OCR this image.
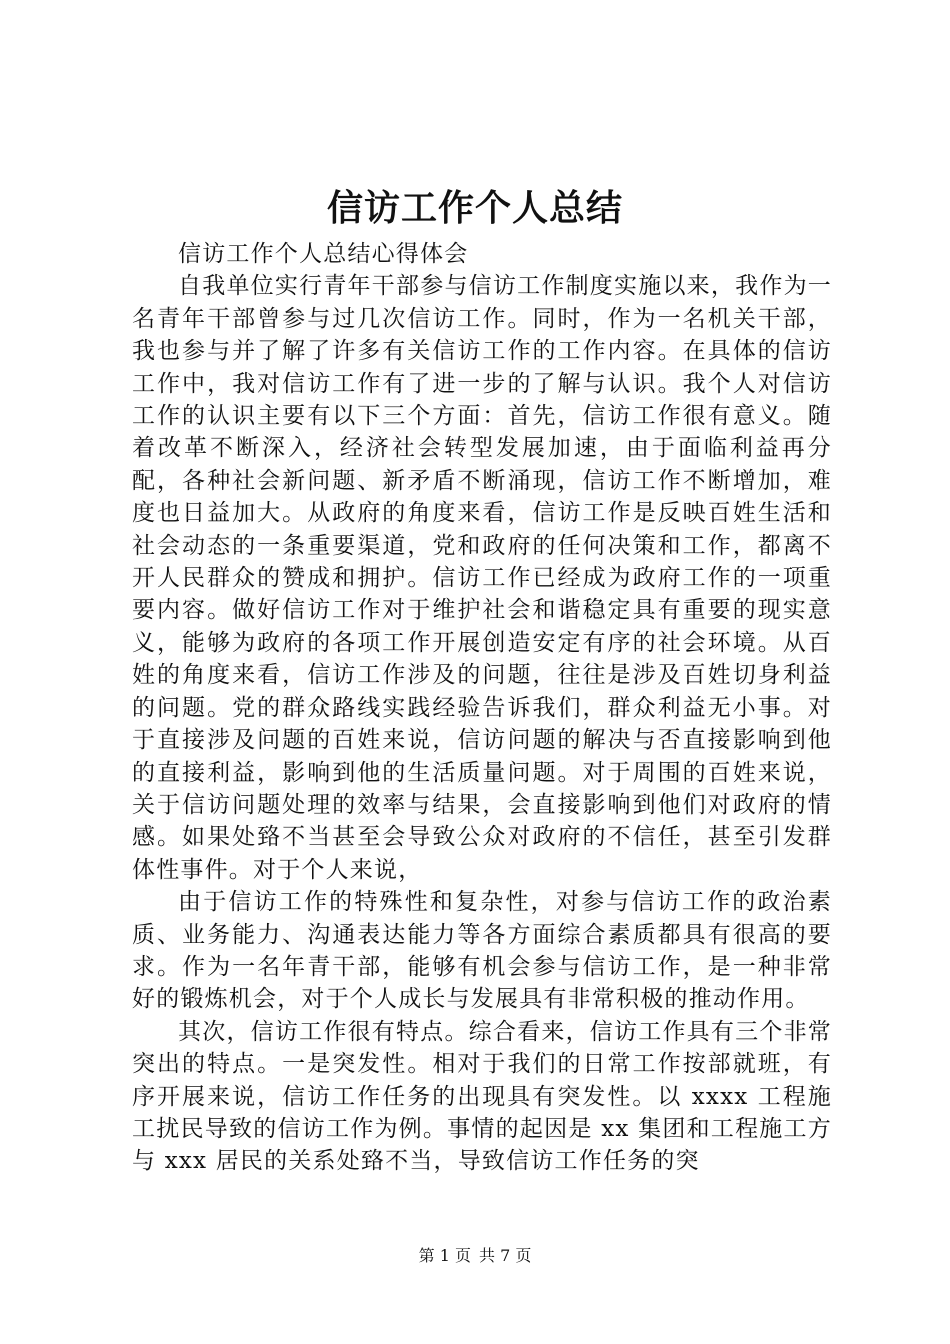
信访工作个人总结
信访工作个人总结心得体会

自我单位实行青年干部参与信访工作制度实施以来，我作为一名青年干部曾参与过几次信访工作。同时，作为一名机关干部，我也参与并了解了许多有关信访工作的工作内容。在具体的信访工作中，我对信访工作有了进一步的了解与认识。我个人对信访工作的认识主要有以下三个方面：首先，信访工作很有意义。随着改革不断深入，经济社会转型发展加速，由于面临利益再分配，各种社会新问题、新矛盾不断涌现，信访工作不断增加，难度也日益加大。从政府的角度来看，信访工作是反映百姓生活和社会动态的一条重要渠道，党和政府的任何决策和工作，都离不开人民群众的赞成和拥护。信访工作已经成为政府工作的一项重要内容。做好信访工作对于维护社会和谐稳定具有重要的现实意义，能够为政府的各项工作开展创造安定有序的社会环境。从百姓的角度来看，信访工作涉及的问题，往往是涉及百姓切身利益的问题。党的群众路线实践经验告诉我们，群众利益无小事。对于直接涉及问题的百姓来说，信访问题的解决与否直接影响到他的直接利益，影响到他的生活质量问题。对于周围的百姓来说，关于信访问题处理的效率与结果，会直接影响到他们对政府的情感。如果处臵不当甚至会导致公众对政府的不信任，甚至引发群体性事件。对于个人来说，

由于信访工作的特殊性和复杂性，对参与信访工作的政治素质、业务能力、沟通表达能力等各方面综合素质都具有很高的要求。作为一名年青干部，能够有机会参与信访工作，是一种非常好的锻炼机会，对于个人成长与发展具有非常积极的推动作用。

其次，信访工作很有特点。综合看来，信访工作具有三个非常突出的特点。一是突发性。相对于我们的日常工作按部就班，有序开展来说，信访工作任务的出现具有突发性。以 xxxx 工程施工扰民导致的信访工作为例。事情的起因是 xx 集团和工程施工方与 xxx 居民的关系处臵不当，导致信访工作任务的突

第 1 页 共 7 页
